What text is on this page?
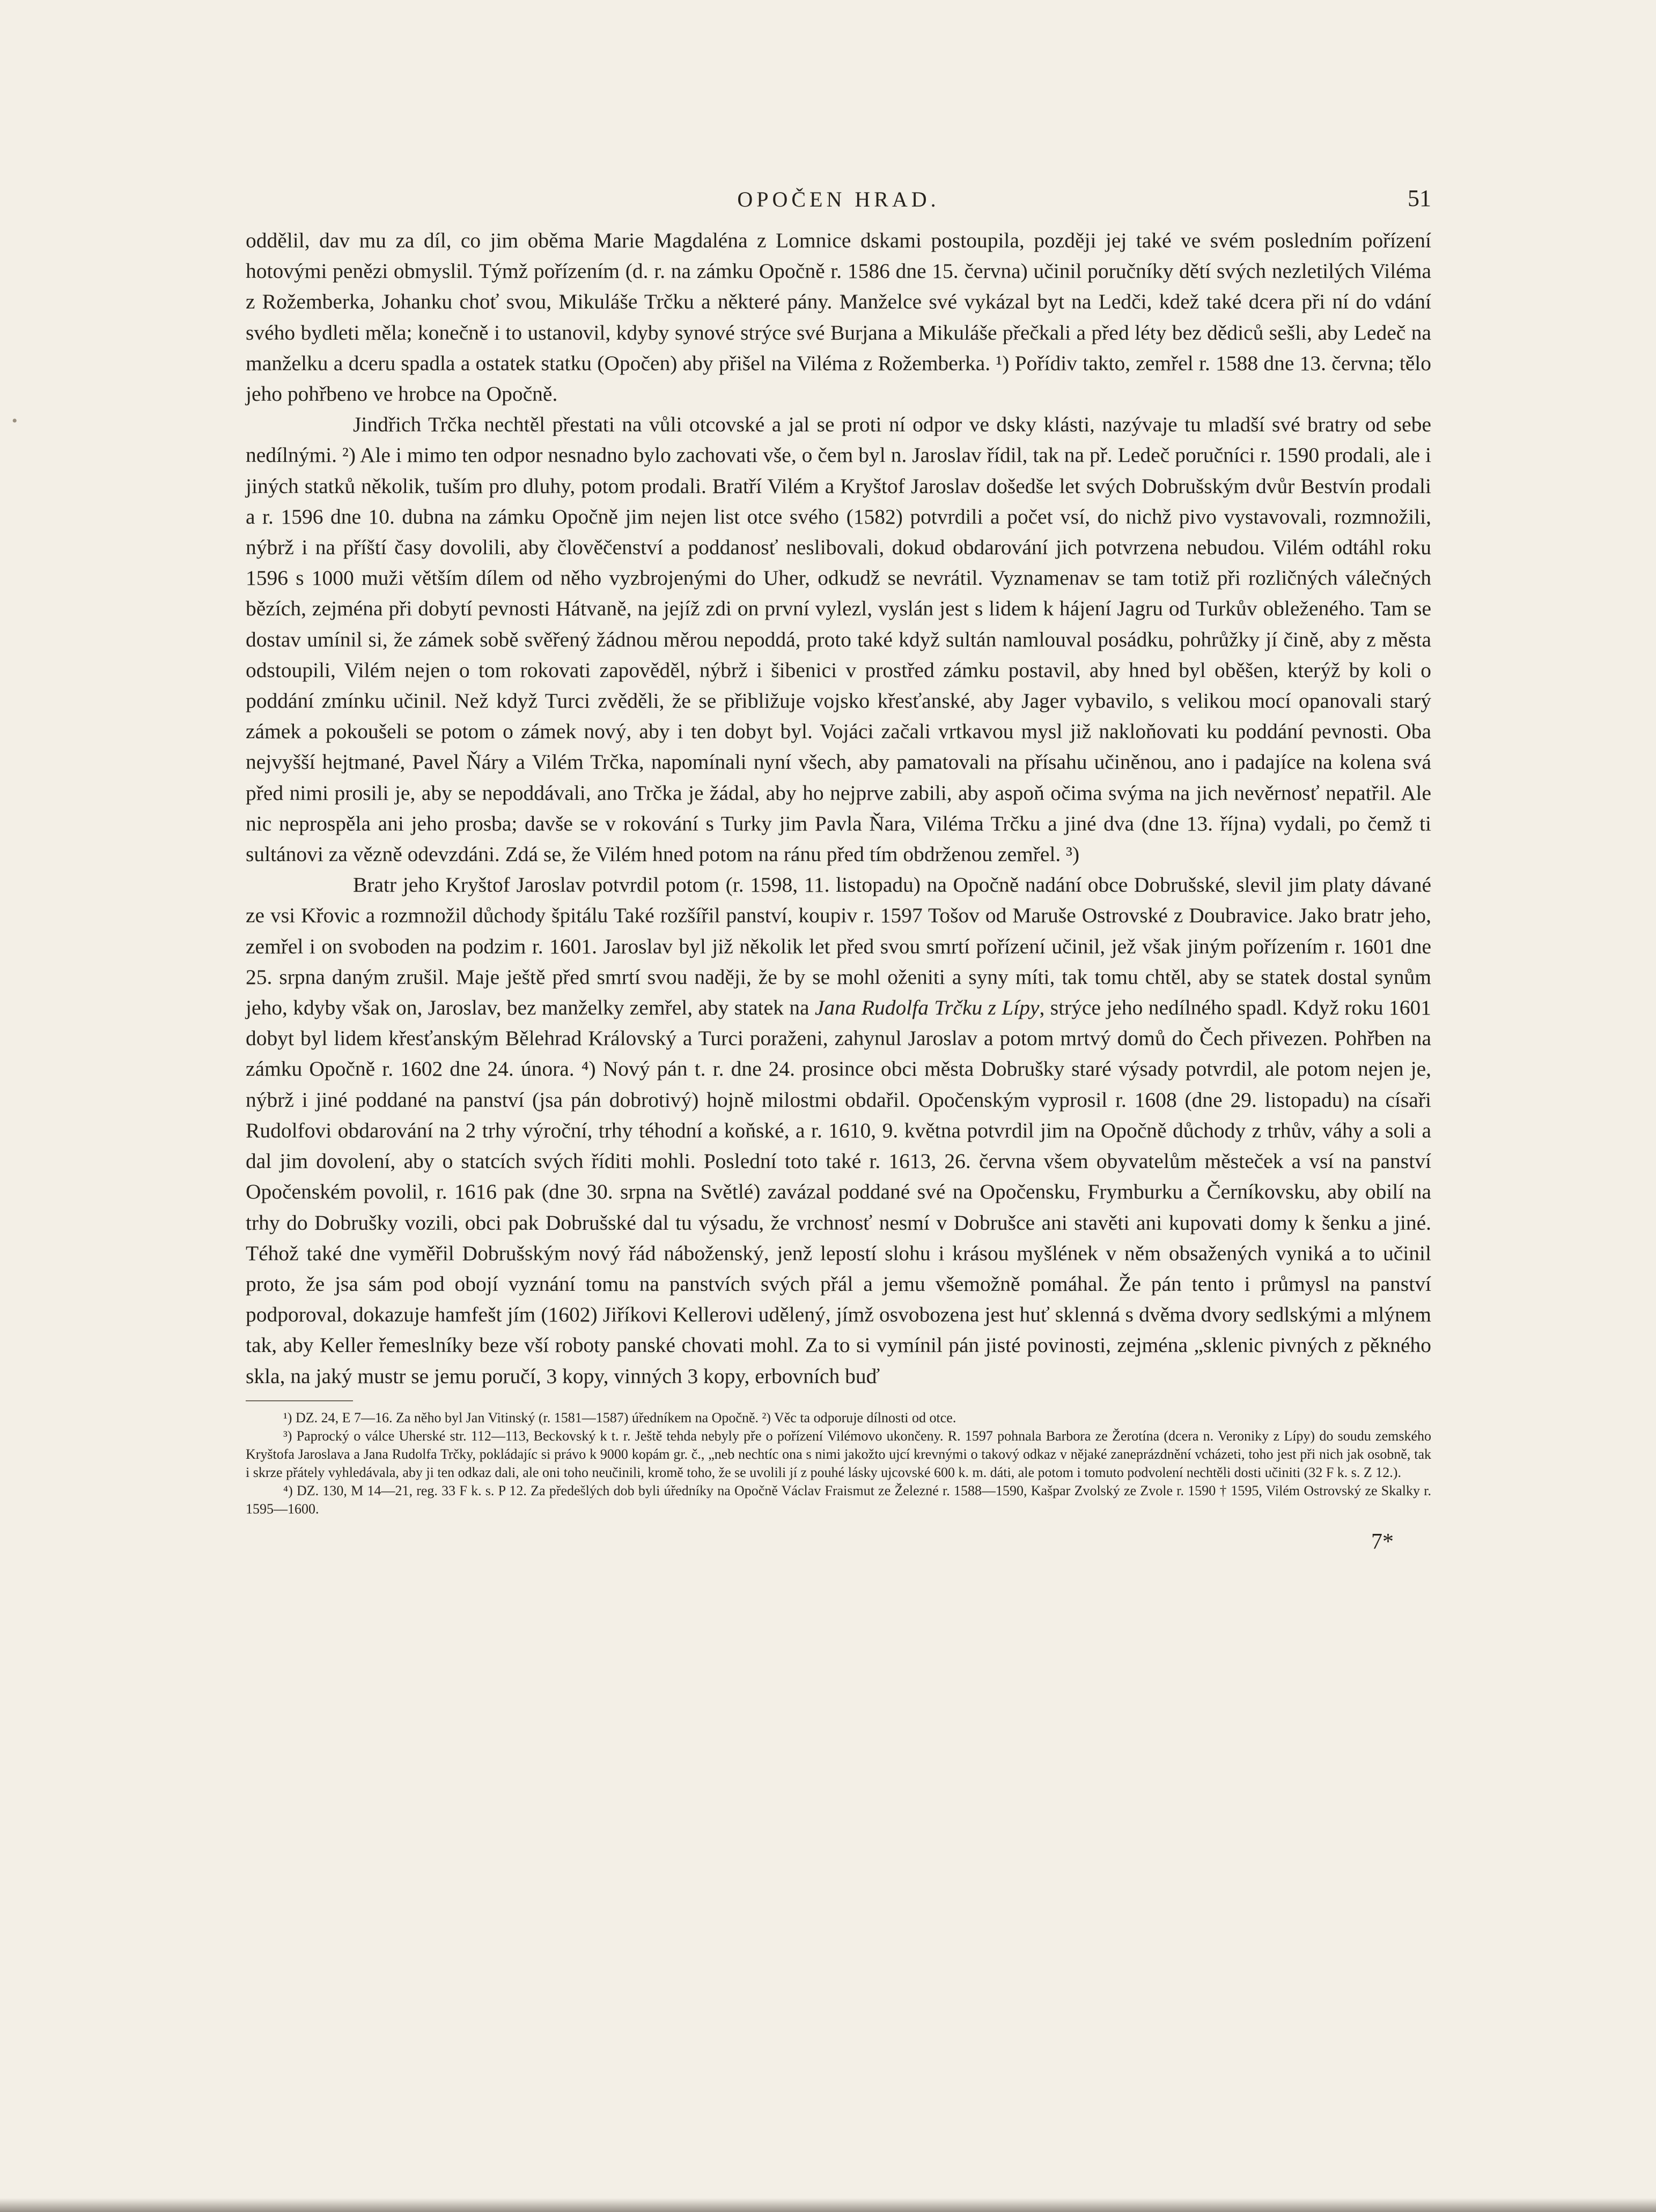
•
OPOČEN HRAD.	51

oddělil, dav mu za díl, co jim oběma Marie Magdaléna z Lomnice dskami postoupila, později jej také ve svém posledním pořízení hotovými penězi obmyslil. Týmž pořízením (d. r. na zámku Opočně r. 1586 dne 15. června) učinil poručníky dětí svých nezletilých Viléma z Rožemberka, Johanku choť svou, Mikuláše Trčku a některé pány. Manželce své vykázal byt na Ledči, kdež také dcera při ní do vdání svého bydleti měla; konečně i to ustanovil, kdyby synové strýce své Burjana a Mikuláše přečkali a před léty bez dědiců sešli, aby Ledeč na manželku a dceru spadla a ostatek statku (Opočen) aby přišel na Viléma z Rožemberka. ¹) Pořídiv takto, zemřel r. 1588 dne 13. června; tělo jeho pohřbeno ve hrobce na Opočně.

Jindřich Trčka nechtěl přestati na vůli otcovské a jal se proti ní odpor ve dsky klásti, nazývaje tu mladší své bratry od sebe nedílnými. ²) Ale i mimo ten odpor nesnadno bylo zachovati vše, o čem byl n. Jaroslav řídil, tak na př. Ledeč poručníci r. 1590 prodali, ale i jiných statků několik, tuším pro dluhy, potom prodali. Bratří Vilém a Kryštof Jaroslav došedše let svých Dobrušským dvůr Bestvín prodali a r. 1596 dne 10. dubna na zámku Opočně jim nejen list otce svého (1582) potvrdili a počet vsí, do nichž pivo vystavovali, rozmnožili, nýbrž i na příští časy dovolili, aby člověčenství a poddanosť neslibovali, dokud obdarování jich potvrzena nebudou. Vilém odtáhl roku 1596 s 1000 muži větším dílem od něho vyzbrojenými do Uher, odkudž se nevrátil. Vyznamenav se tam totiž při rozličných válečných bězích, zejména při dobytí pevnosti Hátvaně, na jejíž zdi on první vylezl, vyslán jest s lidem k hájení Jagru od Turkův obleženého. Tam se dostav umínil si, že zámek sobě svěřený žádnou měrou nepoddá, proto také když sultán namlouval posádku, pohrůžky jí čině, aby z města odstoupili, Vilém nejen o tom rokovati zapověděl, nýbrž i šibenici v prostřed zámku postavil, aby hned byl oběšen, kterýž by koli o poddání zmínku učinil. Než když Turci zvěděli, že se přibližuje vojsko křesťanské, aby Jager vybavilo, s velikou mocí opanovali starý zámek a pokoušeli se potom o zámek nový, aby i ten dobyt byl. Vojáci začali vrtkavou mysl již nakloňovati ku poddání pevnosti. Oba nejvyšší hejtmané, Pavel Ňáry a Vilém Trčka, napomínali nyní všech, aby pamatovali na přísahu učiněnou, ano i padajíce na kolena svá před nimi prosili je, aby se nepoddávali, ano Trčka je žádal, aby ho nejprve zabili, aby aspoň očima svýma na jich nevěrnosť nepatřil. Ale nic neprospěla ani jeho prosba; davše se v rokování s Turky jim Pavla Ňara, Viléma Trčku a jiné dva (dne 13. října) vydali, po čemž ti sultánovi za vězně odevzdáni. Zdá se, že Vilém hned potom na ránu před tím obdrženou zemřel. ³)

Bratr jeho Kryštof Jaroslav potvrdil potom (r. 1598, 11. listopadu) na Opočně nadání obce Dobrušské, slevil jim platy dávané ze vsi Křovic a rozmnožil důchody špitálu Také rozšířil panství, koupiv r. 1597 Tošov od Maruše Ostrovské z Doubravice. Jako bratr jeho, zemřel i on svoboden na podzim r. 1601. Jaroslav byl již několik let před svou smrtí pořízení učinil, jež však jiným pořízením r. 1601 dne 25. srpna daným zrušil. Maje ještě před smrtí svou naději, že by se mohl oženiti a syny míti, tak tomu chtěl, aby se statek dostal synům jeho, kdyby však on, Jaroslav, bez manželky zemřel, aby statek na Jana Rudolfa Trčku z Lípy, strýce jeho nedílného spadl. Když roku 1601 dobyt byl lidem křesťanským Bělehrad Královský a Turci poraženi, zahynul Jaroslav a potom mrtvý domů do Čech přivezen. Pohřben na zámku Opočně r. 1602 dne 24. února. ⁴) Nový pán t. r. dne 24. prosince obci města Dobrušky staré výsady potvrdil, ale potom nejen je, nýbrž i jiné poddané na panství (jsa pán dobrotivý) hojně milostmi obdařil. Opočenským vyprosil r. 1608 (dne 29. listopadu) na císaři Rudolfovi obdarování na 2 trhy výroční, trhy téhodní a koňské, a r. 1610, 9. května potvrdil jim na Opočně důchody z trhův, váhy a soli a dal jim dovolení, aby o statcích svých říditi mohli. Poslední toto také r. 1613, 26. června všem obyvatelům městeček a vsí na panství Opočenském povolil, r. 1616 pak (dne 30. srpna na Světlé) zavázal poddané své na Opočensku, Frymburku a Černíkovsku, aby obilí na trhy do Dobrušky vozili, obci pak Dobrušské dal tu výsadu, že vrchnosť nesmí v Dobrušce ani stavěti ani kupovati domy k šenku a jiné. Téhož také dne vyměřil Dobrušským nový řád náboženský, jenž lepostí slohu i krásou myšlének v něm obsažených vyniká a to učinil proto, že jsa sám pod obojí vyznání tomu na panstvích svých přál a jemu všemožně pomáhal. Že pán tento i průmysl na panství podporoval, dokazuje hamfešt jím (1602) Jiříkovi Kellerovi udělený, jímž osvobozena jest huť sklenná s dvěma dvory sedlskými a mlýnem tak, aby Keller řemeslníky beze vší roboty panské chovati mohl. Za to si vymínil pán jisté povinosti, zejména „sklenic pivných z pěkného skla, na jaký mustr se jemu poručí, 3 kopy, vinných 3 kopy, erbovních buď

¹) DZ. 24, E 7—16. Za něho byl Jan Vitinský (r. 1581—1587) úředníkem na Opočně. ²) Věc ta odporuje dílnosti od otce.

³) Paprocký o válce Uherské str. 112—113, Beckovský k t. r. Ještě tehda nebyly pře o pořízení Vilémovo ukončeny. R. 1597 pohnala Barbora ze Žerotína (dcera n. Veroniky z Lípy) do soudu zemského Kryštofa Jaroslava a Jana Rudolfa Trčky, pokládajíc si právo k 9000 kopám gr. č., „neb nechtíc ona s nimi jakožto ujcí krevnými o takový odkaz v nějaké zaneprázdnění vcházeti, toho jest při nich jak osobně, tak i skrze přátely vyhledávala, aby ji ten odkaz dali, ale oni toho neučinili, kromě toho, že se uvolili jí z pouhé lásky ujcovské 600 k. m. dáti, ale potom i tomuto podvolení nechtěli dosti učiniti (32 F k. s. Z 12.).

⁴) DZ. 130, M 14—21, reg. 33 F k. s. P 12. Za předešlých dob byli úředníky na Opočně Václav Fraismut ze Železné r. 1588—1590, Kašpar Zvolský ze Zvole r. 1590 † 1595, Vilém Ostrovský ze Skalky r. 1595—1600.

7*
